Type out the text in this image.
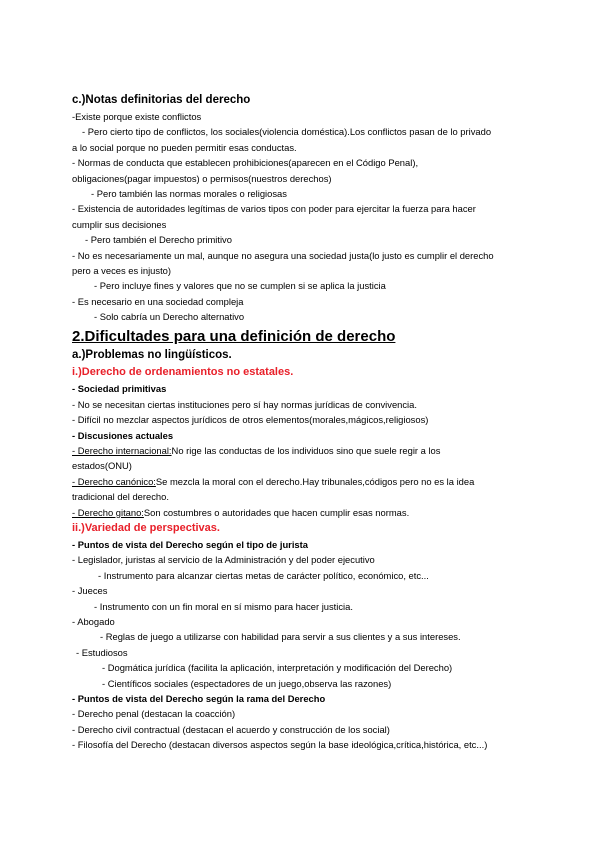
c.)Notas definitorias del derecho
-Existe porque existe conflictos
- Pero cierto tipo de conflictos, los sociales(violencia doméstica).Los conflictos pasan de lo privado
a lo social porque no pueden permitir esas conductas.
- Normas de conducta que establecen prohibiciones(aparecen en el Código Penal),
obligaciones(pagar impuestos) o permisos(nuestros derechos)
- Pero también las normas morales o religiosas
- Existencia de autoridades legítimas de varios tipos con poder para ejercitar la fuerza para hacer
cumplir sus decisiones
- Pero también el Derecho primitivo
- No es necesariamente un mal, aunque no asegura una sociedad justa(lo justo es cumplir el derecho
pero a veces es injusto)
- Pero incluye fines y valores que no se cumplen si se aplica la justicia
- Es necesario en una sociedad compleja
- Solo cabría un Derecho alternativo
2.Dificultades para una definición de derecho
a.)Problemas no lingüísticos.
i.)Derecho de ordenamientos no estatales.
- Sociedad primitivas
- No se necesitan ciertas instituciones pero sí hay normas jurídicas de convivencia.
- Difícil no mezclar aspectos jurídicos de otros elementos(morales,mágicos,religiosos)
- Discusiones actuales
- Derecho internacional:No rige las conductas de los individuos sino que suele regir a los
estados(ONU)
- Derecho canónico:Se mezcla la moral con el derecho.Hay tribunales,códigos pero no es la idea
tradicional del derecho.
- Derecho gitano:Son costumbres o autoridades que hacen cumplir esas normas.
ii.)Variedad de perspectivas.
- Puntos de vista del Derecho según el tipo de jurista
- Legislador, juristas al servicio de la Administración y del poder ejecutivo
- Instrumento para alcanzar ciertas metas de carácter político, económico, etc...
- Jueces
- Instrumento con un fin moral en sí mismo para hacer justicia.
- Abogado
- Reglas de juego a utilizarse con habilidad para servir a sus clientes y a sus intereses.
- Estudiosos
- Dogmática jurídica (facilita la aplicación, interpretación y modificación del Derecho)
- Científicos sociales (espectadores de un juego,observa las razones)
- Puntos de vista del Derecho según la rama del Derecho
- Derecho penal (destacan la coacción)
- Derecho civil contractual (destacan el acuerdo y construcción de los social)
- Filosofía del Derecho (destacan diversos aspectos según la base ideológica,crítica,histórica, etc...)
